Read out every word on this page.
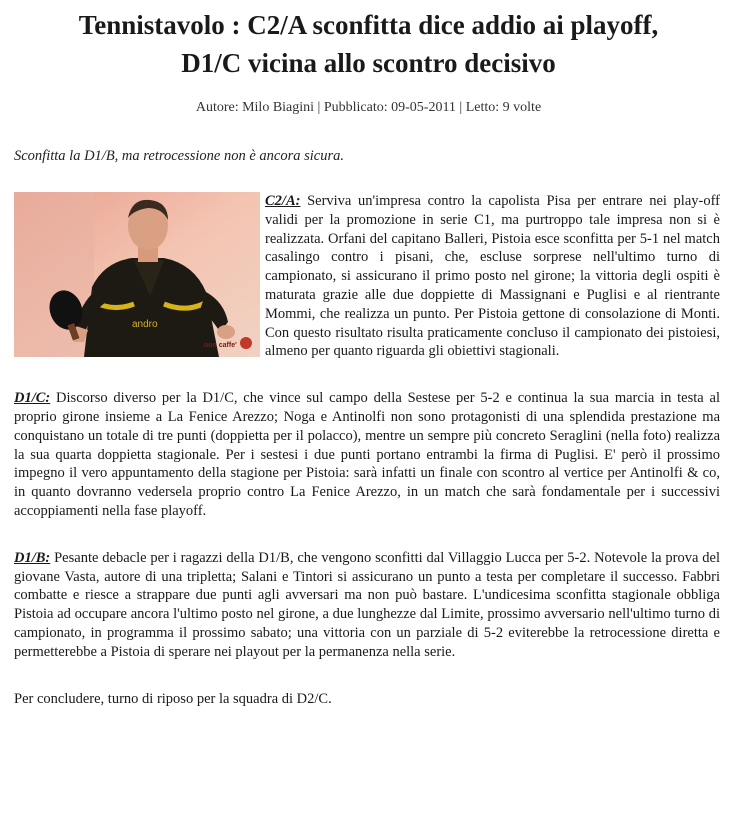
Tennistavolo : C2/A sconfitta dice addio ai playoff,
D1/C vicina allo scontro decisivo
Autore: Milo Biagini | Pubblicato: 09-05-2011 | Letto: 9 volte

Sconfitta la D1/B, ma retrocessione non è ancora sicura.

andro
ooo caffe'

C2/A: Serviva un'impresa contro la capolista Pisa per entrare nei play-off validi per la promozione in serie C1, ma purtroppo tale impresa non si è realizzata. Orfani del capitano Balleri, Pistoia esce sconfitta per 5-1 nel match casalingo contro i pisani, che, escluse sorprese nell'ultimo turno di campionato, si assicurano il primo posto nel girone; la vittoria degli ospiti è maturata grazie alle due doppiette di Massignani e Puglisi e al rientrante Mommi, che realizza un punto. Per Pistoia gettone di consolazione di Monti. Con questo risultato risulta praticamente concluso il campionato dei pistoiesi, almeno per quanto riguarda gli obiettivi stagionali.

D1/C: Discorso diverso per la D1/C, che vince sul campo della Sestese per 5-2 e continua la sua marcia in testa al proprio girone insieme a La Fenice Arezzo; Noga e Antinolfi non sono protagonisti di una splendida prestazione ma conquistano un totale di tre punti (doppietta per il polacco), mentre un sempre più concreto Seraglini (nella foto) realizza la sua quarta doppietta stagionale. Per i sestesi i due punti portano entrambi la firma di Puglisi. E' però il prossimo impegno il vero appuntamento della stagione per Pistoia: sarà infatti un finale con scontro al vertice per Antinolfi & co, in quanto dovranno vedersela proprio contro La Fenice Arezzo, in un match che sarà fondamentale per i successivi accoppiamenti nella fase playoff.

D1/B: Pesante debacle per i ragazzi della D1/B, che vengono sconfitti dal Villaggio Lucca per 5-2. Notevole la prova del giovane Vasta, autore di una tripletta; Salani e Tintori si assicurano un punto a testa per completare il successo. Fabbri combatte e riesce a strappare due punti agli avversari ma non può bastare. L'undicesima sconfitta stagionale obbliga Pistoia ad occupare ancora l'ultimo posto nel girone, a due lunghezze dal Limite, prossimo avversario nell'ultimo turno di campionato, in programma il prossimo sabato; una vittoria con un parziale di 5-2 eviterebbe la retrocessione diretta e permetterebbe a Pistoia di sperare nei playout per la permanenza nella serie.

Per concludere, turno di riposo per la squadra di D2/C.
